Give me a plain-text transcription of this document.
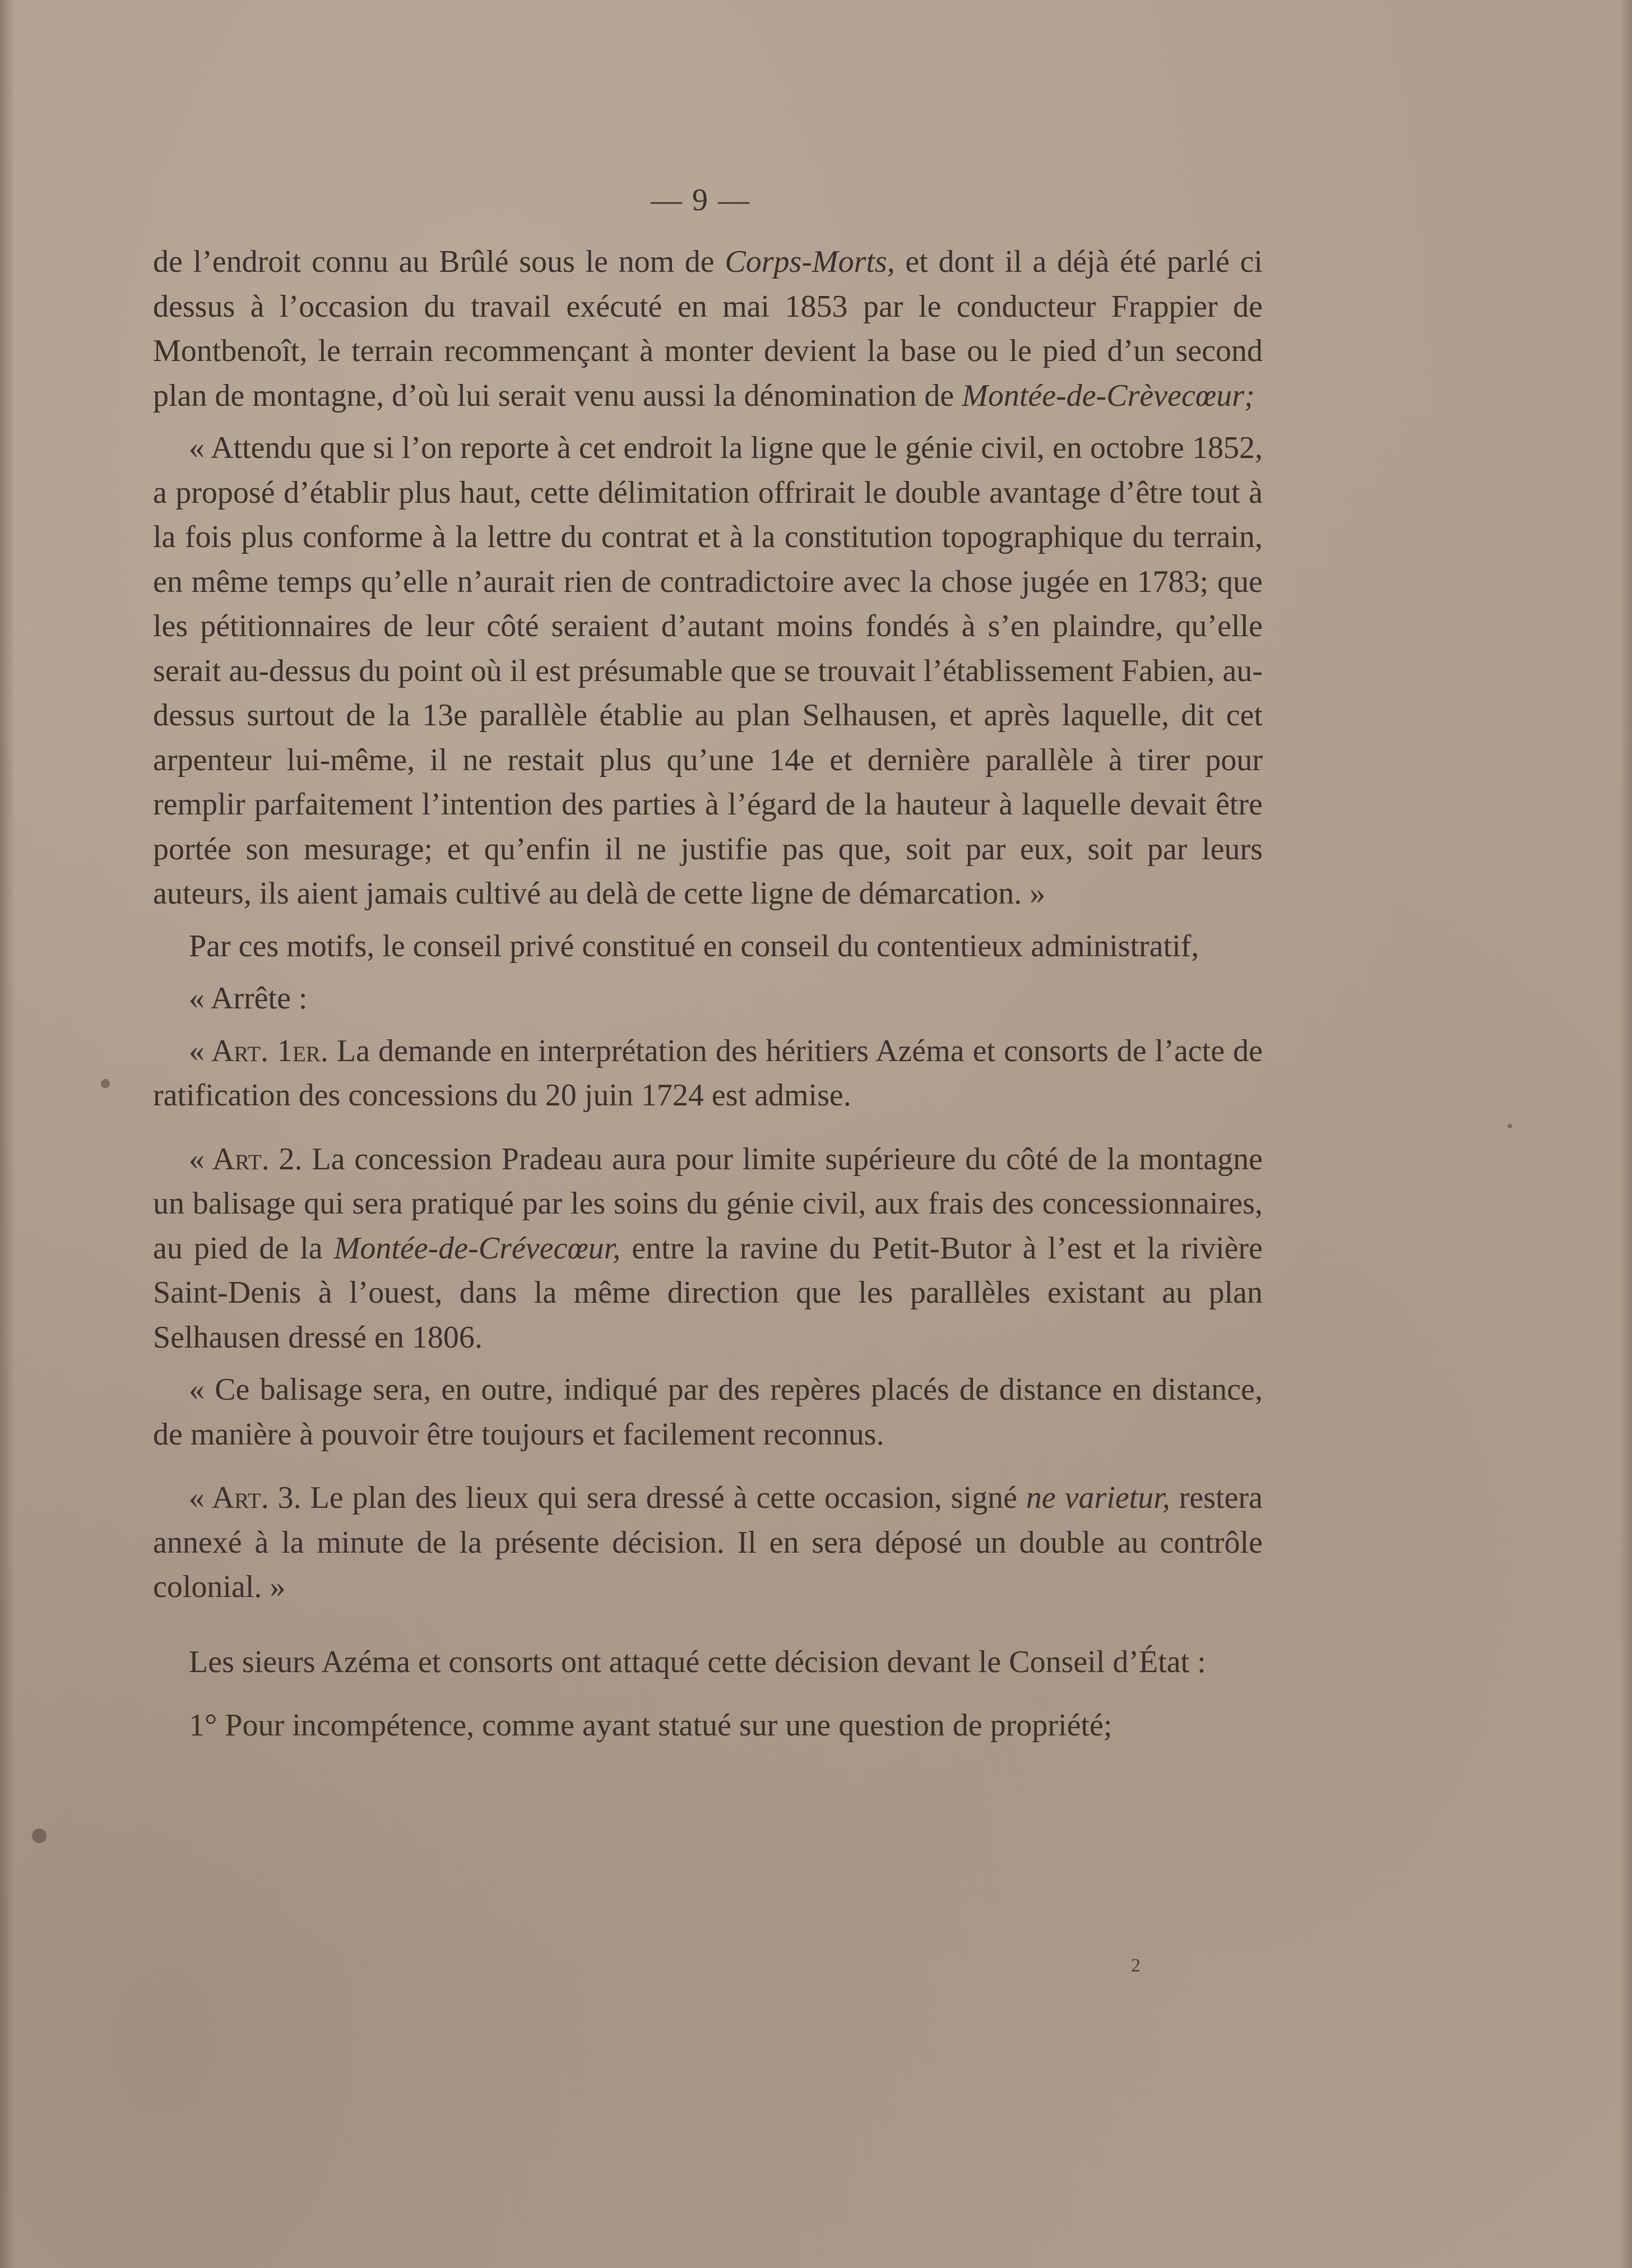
— 9 —

de l’endroit connu au Brûlé sous le nom de Corps-Morts, et dont il a déjà été parlé ci dessus à l’occasion du travail exécuté en mai 1853 par le conducteur Frappier de Montbenoît, le terrain recommençant à monter devient la base ou le pied d’un second plan de montagne, d’où lui serait venu aussi la dénomination de Montée-de-Crèvecœur;

« Attendu que si l’on reporte à cet endroit la ligne que le génie civil, en octobre 1852, a proposé d’établir plus haut, cette délimitation offrirait le double avantage d’être tout à la fois plus conforme à la lettre du contrat et à la constitution topographique du terrain, en même temps qu’elle n’aurait rien de contradictoire avec la chose jugée en 1783; que les pétitionnaires de leur côté seraient d’autant moins fondés à s’en plaindre, qu’elle serait au-dessus du point où il est présumable que se trouvait l’établissement Fabien, au-dessus surtout de la 13e parallèle établie au plan Selhausen, et après laquelle, dit cet arpenteur lui-même, il ne restait plus qu’une 14e et dernière parallèle à tirer pour remplir parfaitement l’intention des parties à l’égard de la hauteur à laquelle devait être portée son mesurage; et qu’enfin il ne justifie pas que, soit par eux, soit par leurs auteurs, ils aient jamais cultivé au delà de cette ligne de démarcation. »

Par ces motifs, le conseil privé constitué en conseil du contentieux administratif,

« Arrête :

« Art. 1er. La demande en interprétation des héritiers Azéma et consorts de l’acte de ratification des concessions du 20 juin 1724 est admise.

« Art. 2. La concession Pradeau aura pour limite supérieure du côté de la montagne un balisage qui sera pratiqué par les soins du génie civil, aux frais des concessionnaires, au pied de la Montée-de-Crévecœur, entre la ravine du Petit-Butor à l’est et la rivière Saint-Denis à l’ouest, dans la même direction que les parallèles existant au plan Selhausen dressé en 1806.

« Ce balisage sera, en outre, indiqué par des repères placés de distance en distance, de manière à pouvoir être toujours et facilement reconnus.

« Art. 3. Le plan des lieux qui sera dressé à cette occasion, signé ne varietur, restera annexé à la minute de la présente décision. Il en sera déposé un double au contrôle colonial. »

Les sieurs Azéma et consorts ont attaqué cette décision devant le Conseil d’État :

1° Pour incompétence, comme ayant statué sur une question de propriété;

2
